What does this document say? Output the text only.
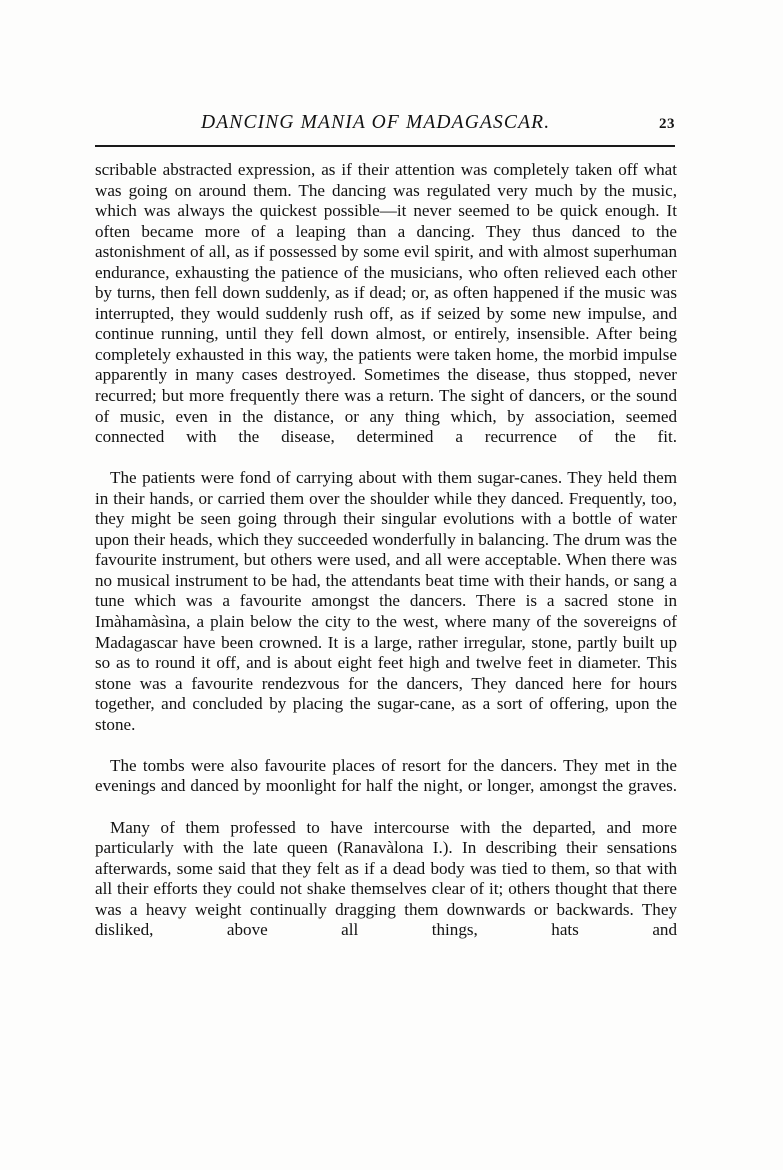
DANCING MANIA OF MADAGASCAR.	23

scribable abstracted expression, as if their attention was completely taken off what was going on around them. The dancing was regulated very much by the music, which was always the quickest possible—it never seemed to be quick enough. It often became more of a leaping than a dancing. They thus danced to the astonishment of all, as if possessed by some evil spirit, and with almost superhuman endurance, exhausting the patience of the musicians, who often relieved each other by turns, then fell down suddenly, as if dead; or, as often happened if the music was interrupted, they would suddenly rush off, as if seized by some new impulse, and continue running, until they fell down almost, or entirely, insensible. After being completely exhausted in this way, the patients were taken home, the morbid impulse apparently in many cases destroyed. Sometimes the disease, thus stopped, never recurred; but more frequently there was a return. The sight of dancers, or the sound of music, even in the distance, or any thing which, by association, seemed connected with the disease, determined a recurrence of the fit.

The patients were fond of carrying about with them sugar-canes. They held them in their hands, or carried them over the shoulder while they danced. Frequently, too, they might be seen going through their singular evolutions with a bottle of water upon their heads, which they succeeded wonderfully in balancing. The drum was the favourite instrument, but others were used, and all were acceptable. When there was no musical instrument to be had, the attendants beat time with their hands, or sang a tune which was a favourite amongst the dancers. There is a sacred stone in Imàhamàsìna, a plain below the city to the west, where many of the sovereigns of Madagascar have been crowned. It is a large, rather irregular, stone, partly built up so as to round it off, and is about eight feet high and twelve feet in diameter. This stone was a favourite rendezvous for the dancers, They danced here for hours together, and concluded by placing the sugar-cane, as a sort of offering, upon the stone.

The tombs were also favourite places of resort for the dancers. They met in the evenings and danced by moonlight for half the night, or longer, amongst the graves.

Many of them professed to have intercourse with the departed, and more particularly with the late queen (Ranavàlona I.). In describing their sensations afterwards, some said that they felt as if a dead body was tied to them, so that with all their efforts they could not shake themselves clear of it; others thought that there was a heavy weight continually dragging them downwards or backwards. They disliked, above all things, hats and
